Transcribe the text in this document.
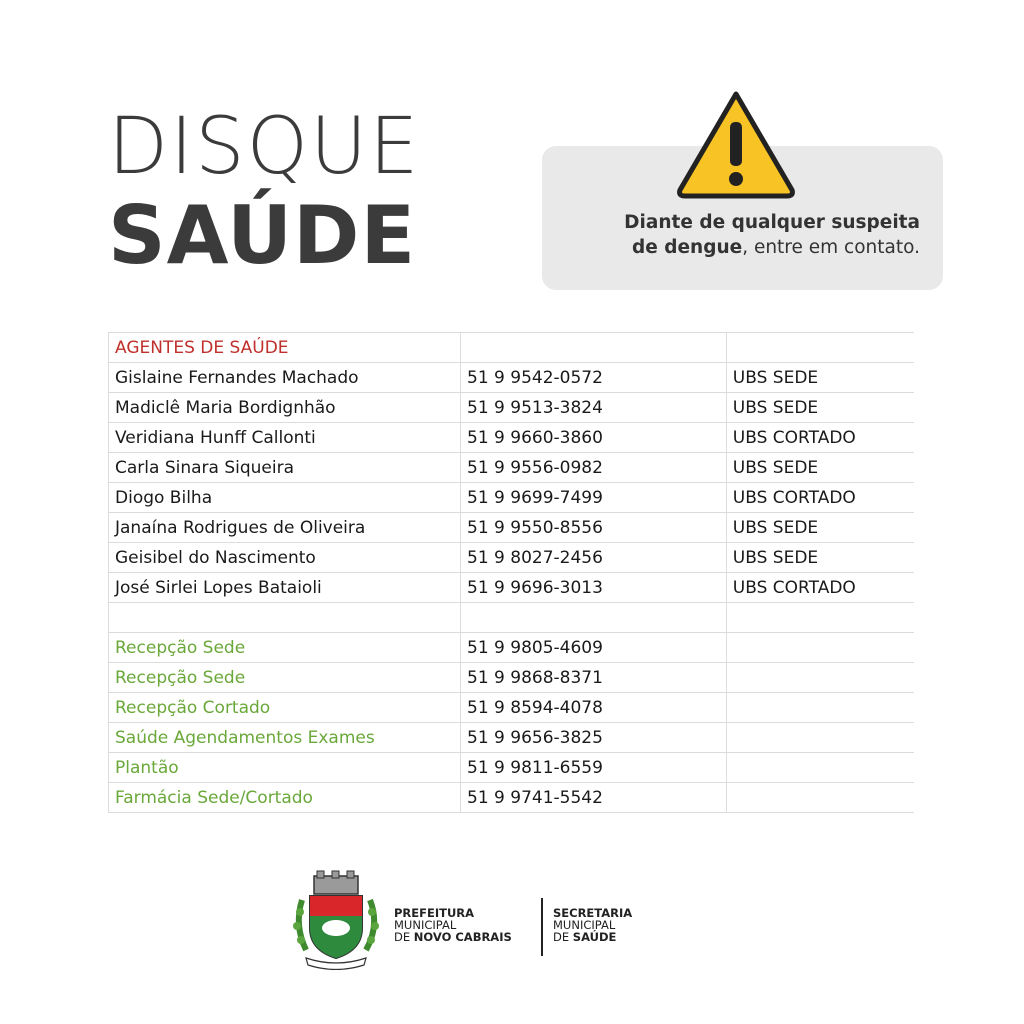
DISQUE
SAÚDE	Diante de qualquer suspeita
de dengue, entre em contato.
AGENTES DE SAÚDE		
Gislaine Fernandes Machado	51 9 9542-0572	UBS SEDE
Madiclê Maria Bordignhão	51 9 9513-3824	UBS SEDE
Veridiana Hunff Callonti	51 9 9660-3860	UBS CORTADO
Carla Sinara Siqueira	51 9 9556-0982	UBS SEDE
Diogo Bilha	51 9 9699-7499	UBS CORTADO
Janaína Rodrigues de Oliveira	51 9 9550-8556	UBS SEDE
Geisibel do Nascimento	51 9 8027-2456	UBS SEDE
José Sirlei Lopes Bataioli	51 9 9696-3013	UBS CORTADO

Recepção Sede	51 9 9805-4609	
Recepção Sede	51 9 9868-8371	
Recepção Cortado	51 9 8594-4078	
Saúde Agendamentos Exames	51 9 9656-3825	
Plantão	51 9 9811-6559	
Farmácia Sede/Cortado	51 9 9741-5542	
PREFEITURA
MUNICIPAL
DE NOVO CABRAIS
SECRETARIA
MUNICIPAL
DE SAÚDE
